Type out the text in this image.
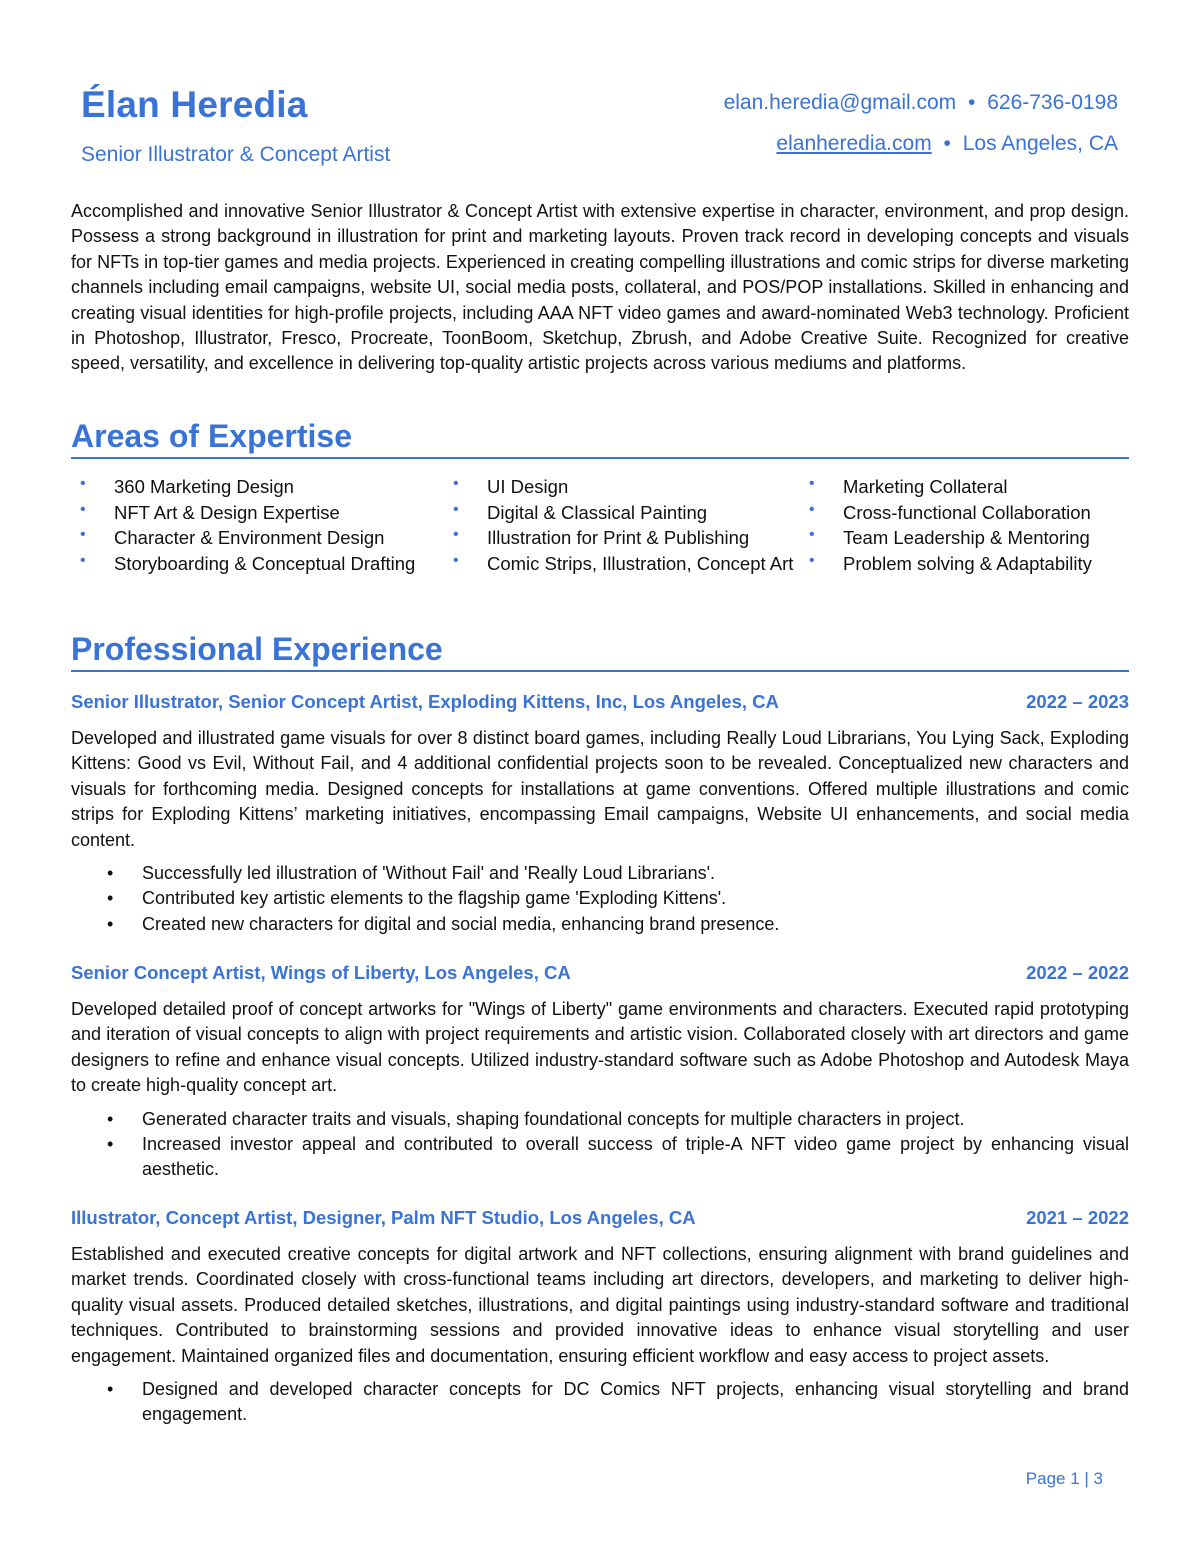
Élan Heredia
Senior Illustrator & Concept Artist
elan.heredia@gmail.com • 626-736-0198
elanheredia.com • Los Angeles, CA
Accomplished and innovative Senior Illustrator & Concept Artist with extensive expertise in character, environment, and prop design. Possess a strong background in illustration for print and marketing layouts. Proven track record in developing concepts and visuals for NFTs in top-tier games and media projects. Experienced in creating compelling illustrations and comic strips for diverse marketing channels including email campaigns, website UI, social media posts, collateral, and POS/POP installations. Skilled in enhancing and creating visual identities for high-profile projects, including AAA NFT video games and award-nominated Web3 technology. Proficient in Photoshop, Illustrator, Fresco, Procreate, ToonBoom, Sketchup, Zbrush, and Adobe Creative Suite. Recognized for creative speed, versatility, and excellence in delivering top-quality artistic projects across various mediums and platforms.
Areas of Expertise
• 360 Marketing Design
• NFT Art & Design Expertise
• Character & Environment Design
• Storyboarding & Conceptual Drafting
• UI Design
• Digital & Classical Painting
• Illustration for Print & Publishing
• Comic Strips, Illustration, Concept Art
• Marketing Collateral
• Cross-functional Collaboration
• Team Leadership & Mentoring
• Problem solving & Adaptability
Professional Experience
Senior Illustrator, Senior Concept Artist, Exploding Kittens, Inc, Los Angeles, CA	2022 – 2023
Developed and illustrated game visuals for over 8 distinct board games, including Really Loud Librarians, You Lying Sack, Exploding Kittens: Good vs Evil, Without Fail, and 4 additional confidential projects soon to be revealed. Conceptualized new characters and visuals for forthcoming media. Designed concepts for installations at game conventions. Offered multiple illustrations and comic strips for Exploding Kittens’ marketing initiatives, encompassing Email campaigns, Website UI enhancements, and social media content.
• Successfully led illustration of 'Without Fail' and 'Really Loud Librarians'.
• Contributed key artistic elements to the flagship game 'Exploding Kittens'.
• Created new characters for digital and social media, enhancing brand presence.
Senior Concept Artist, Wings of Liberty, Los Angeles, CA	2022 – 2022
Developed detailed proof of concept artworks for "Wings of Liberty" game environments and characters. Executed rapid prototyping and iteration of visual concepts to align with project requirements and artistic vision. Collaborated closely with art directors and game designers to refine and enhance visual concepts. Utilized industry-standard software such as Adobe Photoshop and Autodesk Maya to create high-quality concept art.
• Generated character traits and visuals, shaping foundational concepts for multiple characters in project.
• Increased investor appeal and contributed to overall success of triple-A NFT video game project by enhancing visual aesthetic.
Illustrator, Concept Artist, Designer, Palm NFT Studio, Los Angeles, CA	2021 – 2022
Established and executed creative concepts for digital artwork and NFT collections, ensuring alignment with brand guidelines and market trends. Coordinated closely with cross-functional teams including art directors, developers, and marketing to deliver high-quality visual assets. Produced detailed sketches, illustrations, and digital paintings using industry-standard software and traditional techniques. Contributed to brainstorming sessions and provided innovative ideas to enhance visual storytelling and user engagement. Maintained organized files and documentation, ensuring efficient workflow and easy access to project assets.
• Designed and developed character concepts for DC Comics NFT projects, enhancing visual storytelling and brand engagement.
Page 1 | 3
